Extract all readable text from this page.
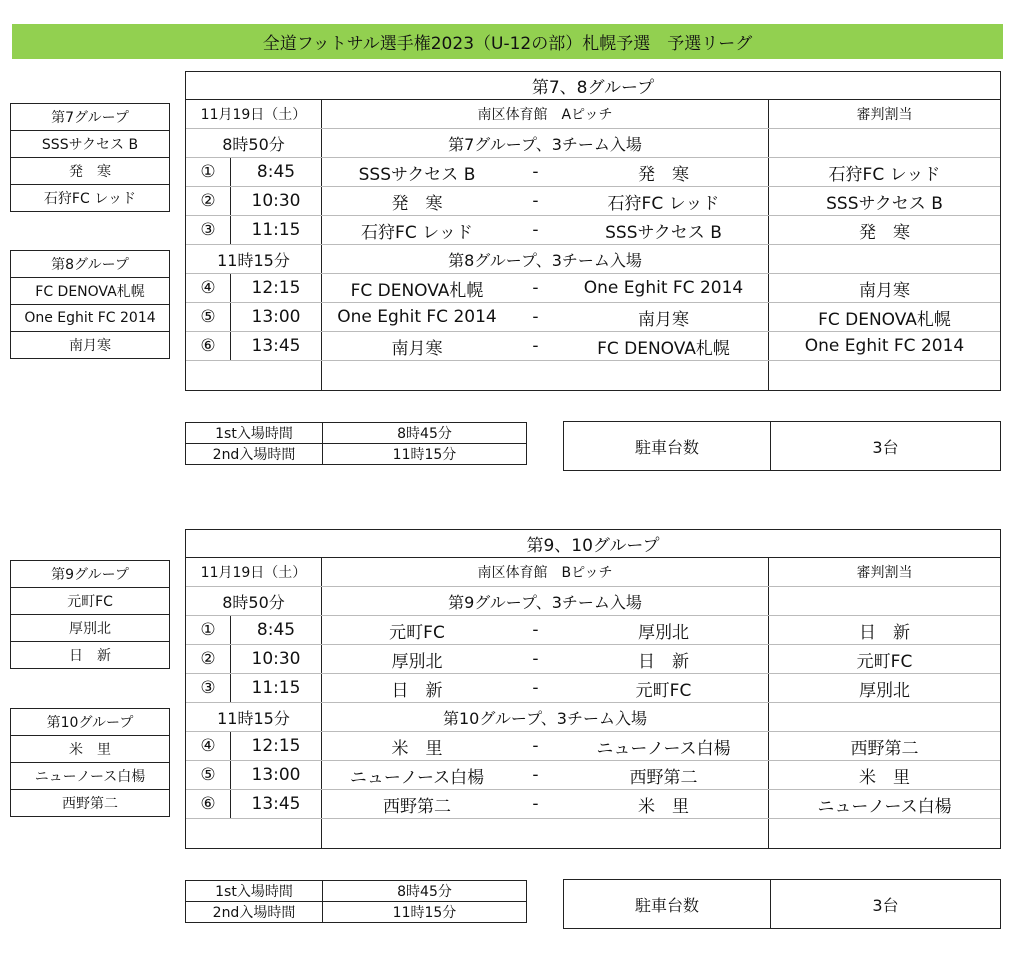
全道フットサル選手権2023（U-12の部）札幌予選　予選リーグ
第7グループ
SSSサクセス B
発　寒
石狩FC レッド
第8グループ
FC DENOVA札幌
One Eghit FC 2014
南月寒
第7、8グループ
11月19日（土）	南区体育館　Aピッチ	審判割当
8時50分	第7グループ、3チーム入場
①	8:45	SSSサクセス B	-	発　寒	石狩FC レッド
②	10:30	発　寒	-	石狩FC レッド	SSSサクセス B
③	11:15	石狩FC レッド	-	SSSサクセス B	発　寒
11時15分	第8グループ、3チーム入場
④	12:15	FC DENOVA札幌	-	One Eghit FC 2014	南月寒
⑤	13:00	One Eghit FC 2014	-	南月寒	FC DENOVA札幌
⑥	13:45	南月寒	-	FC DENOVA札幌	One Eghit FC 2014
1st入場時間	8時45分
2nd入場時間	11時15分	駐車台数	3台
第9グループ
元町FC
厚別北
日　新
第10グループ
米　里
ニューノース白楊
西野第二
第9、10グループ
11月19日（土）	南区体育館　Bピッチ	審判割当
8時50分	第9グループ、3チーム入場
①	8:45	元町FC	-	厚別北	日　新
②	10:30	厚別北	-	日　新	元町FC
③	11:15	日　新	-	元町FC	厚別北
11時15分	第10グループ、3チーム入場
④	12:15	米　里	-	ニューノース白楊	西野第二
⑤	13:00	ニューノース白楊	-	西野第二	米　里
⑥	13:45	西野第二	-	米　里	ニューノース白楊
1st入場時間	8時45分
2nd入場時間	11時15分	駐車台数	3台
